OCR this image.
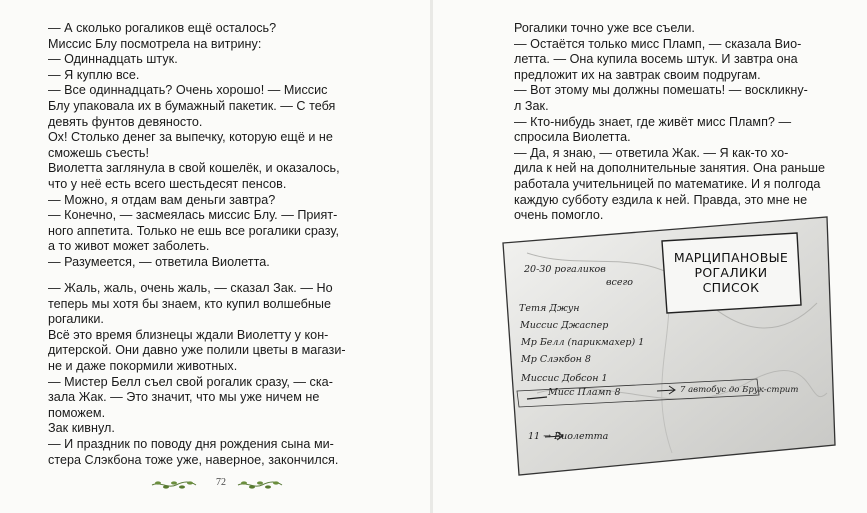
— А сколько рогаликов ещё осталось?
Миссис Блу посмотрела на витрину:
— Одиннадцать штук.
— Я куплю все.
— Все одиннадцать? Очень хорошо! — Миссис
Блу упаковала их в бумажный пакетик. — С тебя
девять фунтов девяносто.
Ох! Столько денег за выпечку, которую ещё и не
сможешь съесть!
Виолетта заглянула в свой кошелёк, и оказалось,
что у неё есть всего шестьдесят пенсов.
— Можно, я отдам вам деньги завтра?
— Конечно, — засмеялась миссис Блу. — Прият-
ного аппетита. Только не ешь все рогалики сразу,
а то живот может заболеть.
— Разумеется, — ответила Виолетта.
— Жаль, жаль, очень жаль, — сказал Зак. — Но
теперь мы хотя бы знаем, кто купил волшебные
рогалики.
Всё это время близнецы ждали Виолетту у кон-
дитерской. Они давно уже полили цветы в магази-
не и даже покормили животных.
— Мистер Белл съел свой рогалик сразу, — ска-
зала Жак. — Это значит, что мы уже ничем не
поможем.
Зак кивнул.
— И праздник по поводу дня рождения сына ми-
стера Слэкбона тоже уже, наверное, закончился.
Рогалики точно уже все съели.
— Остаётся только мисс Пламп, — сказала Вио-
летта. — Она купила восемь штук. И завтра она
предложит их на завтрак своим подругам.
— Вот этому мы должны помешать! — воскликну-
л Зак.
— Кто-нибудь знает, где живёт мисс Пламп? —
спросила Виолетта.
— Да, я знаю, — ответила Жак. — Я как-то хо-
дила к ней на дополнительные занятия. Она раньше
работала учительницей по математике. И я полгода
каждую субботу ездила к ней. Правда, это мне не
очень помогло.
72
МАРЦИПАНОВЫЕ
РОГАЛИКИ
СПИСОК
20-30 рогаликов
всего
Тетя Джун
Миссис Джаспер
Мр Белл (парикмахер) 1
Мр Слэкбон 8
Миссис Добсон 1
Мисс Пламп 8	7 автобус до Брук-стрит
11 → Виолетта
